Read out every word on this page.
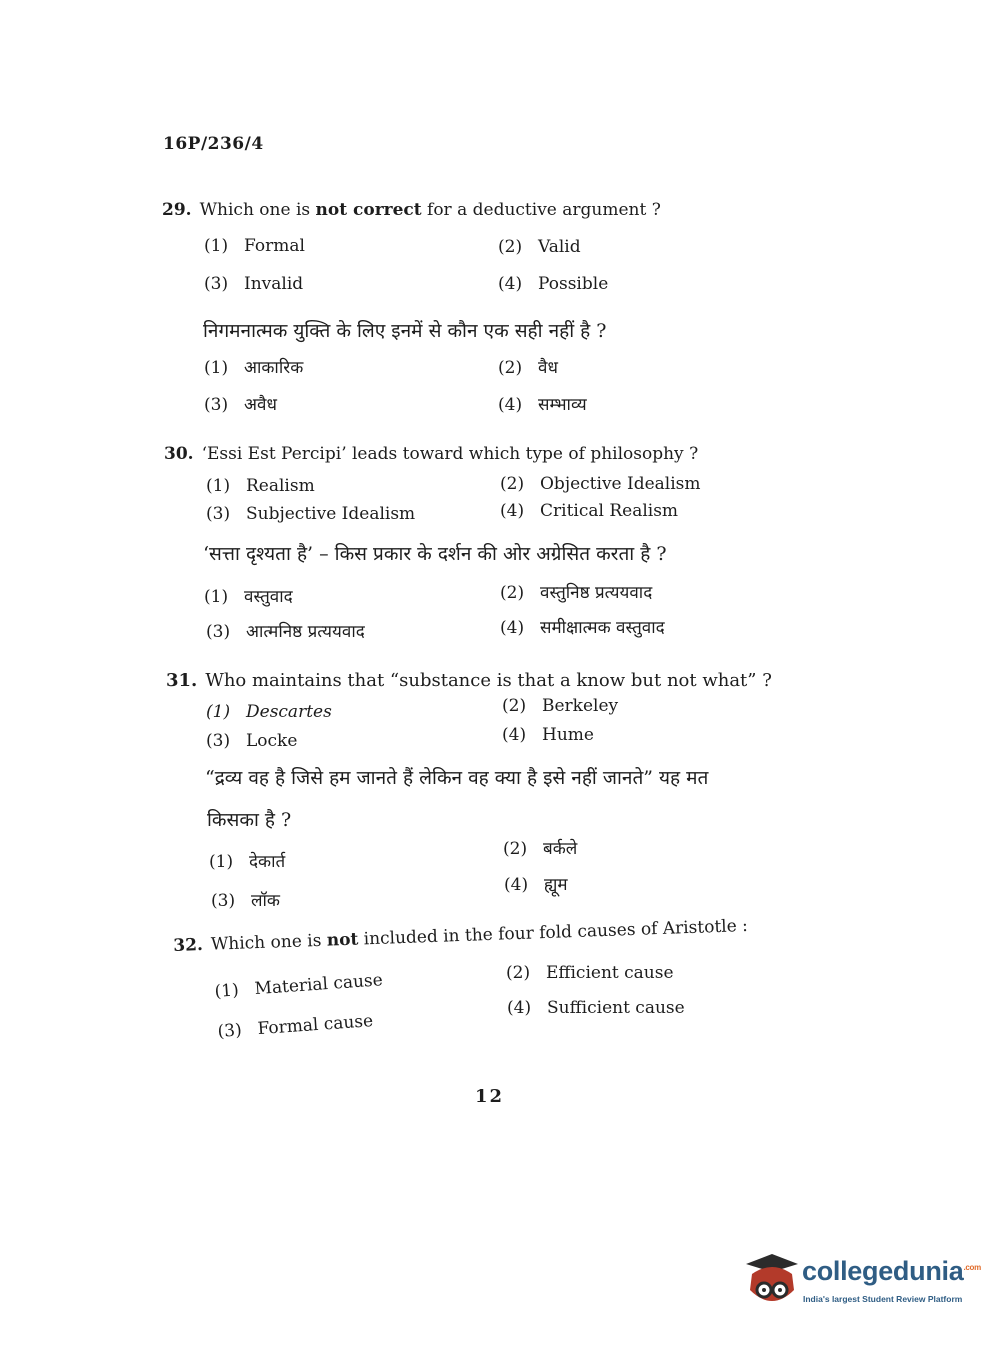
16P/236/4
29. Which one is not correct for a deductive argument ?
(1) Formal	(2) Valid
(3) Invalid	(4) Possible
निगमनात्मक युक्ति के लिए इनमें से कौन एक सही नहीं है ?
(1) आकारिक	(2) वैध
(3) अवैध	(4) सम्भाव्य
30. ‘Essi Est Percipi’ leads toward which type of philosophy ?
(1) Realism	(2) Objective Idealism
(3) Subjective Idealism	(4) Critical Realism
‘सत्ता दृश्यता है’ – किस प्रकार के दर्शन की ओर अग्रेसित करता है ?
(1) वस्तुवाद	(2) वस्तुनिष्ठ प्रत्ययवाद
(3) आत्मनिष्ठ प्रत्ययवाद	(4) समीक्षात्मक वस्तुवाद
31. Who maintains that “substance is that a know but not what” ?
(1) Descartes	(2) Berkeley
(3) Locke	(4) Hume
“द्रव्य वह है जिसे हम जानते हैं लेकिन वह क्या है इसे नहीं जानते” यह मत
किसका है ?
(1) देकार्त
(2) बर्कले
(3) लॉक
(4) ह्यूम
32. Which one is not included in the four fold causes of Aristotle :
(1) Material cause	(2) Efficient cause
(3) Formal cause
(4) Sufficient cause
12
collegedunia$^{.com}$
India's largest Student Review Platform
